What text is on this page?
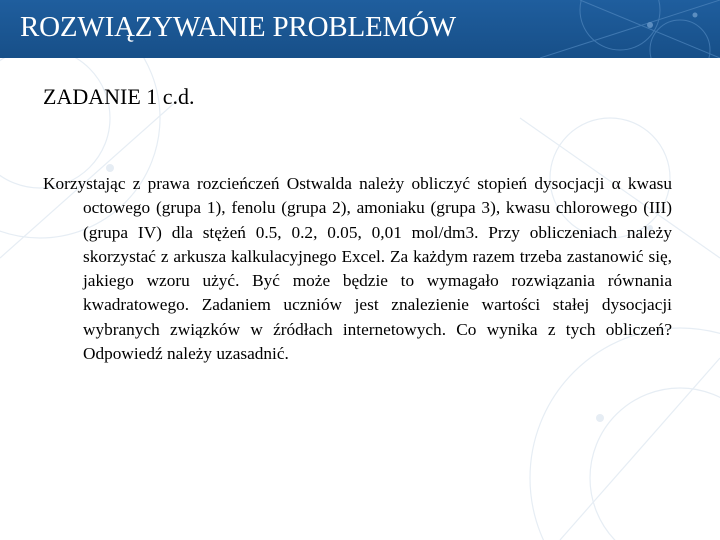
ROZWIĄZYWANIE PROBLEMÓW
ZADANIE 1 c.d.

Korzystając z prawa rozcieńczeń Ostwalda należy obliczyć stopień dysocjacji α kwasu octowego (grupa 1), fenolu (grupa 2), amoniaku (grupa 3), kwasu chlorowego (III) (grupa IV) dla stężeń 0.5, 0.2, 0.05, 0,01 mol/dm3. Przy obliczeniach należy skorzystać z arkusza kalkulacyjnego Excel. Za każdym razem trzeba zastanowić się, jakiego wzoru użyć. Być może będzie to wymagało rozwiązania równania kwadratowego. Zadaniem uczniów jest znalezienie wartości stałej dysocjacji wybranych związków w źródłach internetowych. Co wynika z tych obliczeń? Odpowiedź należy uzasadnić.
